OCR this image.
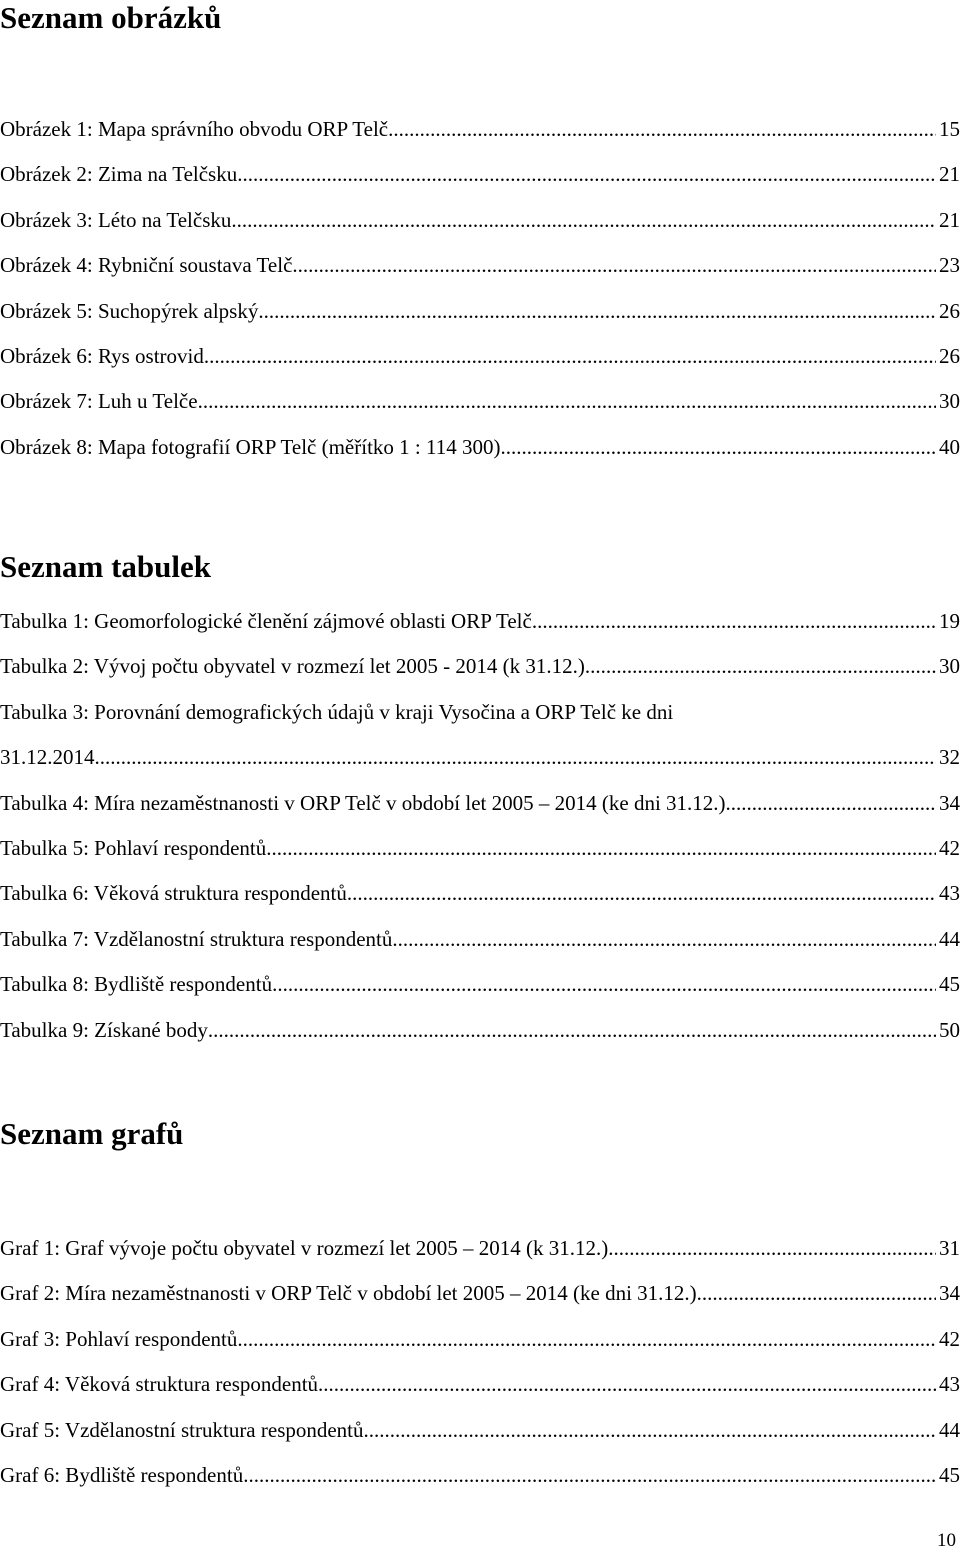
Seznam obrázků
Obrázek 1: Mapa správního obvodu ORP Telč .....	15
Obrázek 2: Zima na Telčsku .....	21
Obrázek 3: Léto na Telčsku .....	21
Obrázek 4: Rybniční soustava Telč .....	23
Obrázek 5: Suchopýrek alpský .....	26
Obrázek 6: Rys ostrovid .....	26
Obrázek 7: Luh u Telče .....	30
Obrázek 8: Mapa fotografií ORP Telč (měřítko 1 : 114 300) .....	40
Seznam tabulek
Tabulka 1: Geomorfologické členění zájmové oblasti ORP Telč .....	19
Tabulka 2: Vývoj počtu obyvatel v rozmezí let 2005 - 2014 (k 31.12.) .....	30
Tabulka 3: Porovnání demografických údajů v kraji Vysočina a ORP Telč ke dni
31.12.2014 .....	32
Tabulka 4: Míra nezaměstnanosti v ORP Telč v období let 2005 – 2014 (ke dni 31.12.) .....	34
Tabulka 5: Pohlaví respondentů .....	42
Tabulka 6: Věková struktura respondentů .....	43
Tabulka 7: Vzdělanostní struktura respondentů .....	44
Tabulka 8: Bydliště respondentů .....	45
Tabulka 9: Získané body .....	50
Seznam grafů
Graf 1: Graf vývoje počtu obyvatel v rozmezí let 2005 – 2014 (k 31.12.) .....	31
Graf 2: Míra nezaměstnanosti v ORP Telč v období let 2005 – 2014 (ke dni 31.12.) .....	34
Graf 3: Pohlaví respondentů .....	42
Graf 4: Věková struktura respondentů .....	43
Graf 5: Vzdělanostní struktura respondentů .....	44
Graf 6: Bydliště respondentů .....	45
10
